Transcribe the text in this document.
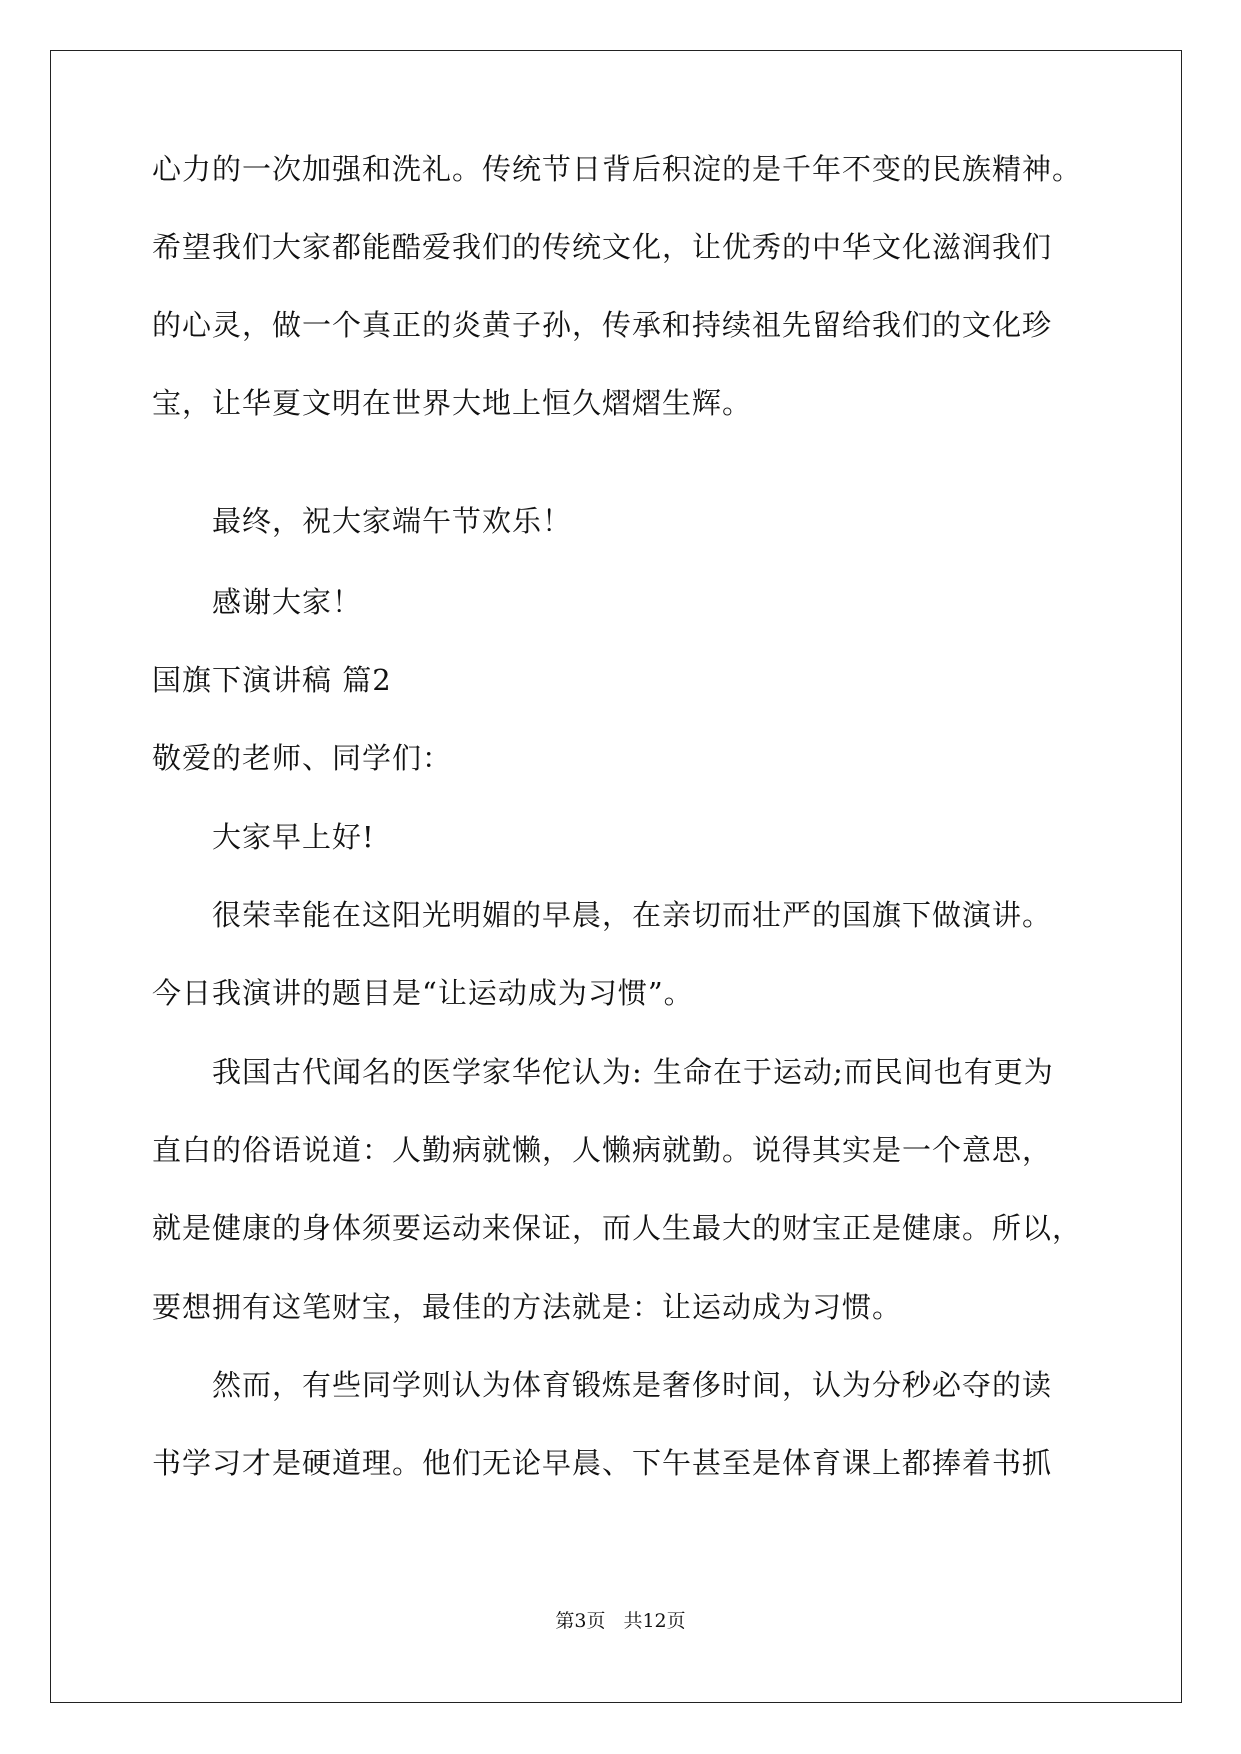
心力的一次加强和洗礼。传统节日背后积淀的是千年不变的民族精神。
希望我们大家都能酷爱我们的传统文化，让优秀的中华文化滋润我们
的心灵，做一个真正的炎黄子孙，传承和持续祖先留给我们的文化珍
宝，让华夏文明在世界大地上恒久熠熠生辉。
最终，祝大家端午节欢乐！
感谢大家！
国旗下演讲稿 篇2
敬爱的老师、同学们：
大家早上好!
很荣幸能在这阳光明媚的早晨，在亲切而壮严的国旗下做演讲。
今日我演讲的题目是“让运动成为习惯”。
我国古代闻名的医学家华佗认为: 生命在于运动;而民间也有更为
直白的俗语说道：人勤病就懒，人懒病就勤。说得其实是一个意思，
就是健康的身体须要运动来保证，而人生最大的财宝正是健康。所以，
要想拥有这笔财宝，最佳的方法就是：让运动成为习惯。
然而，有些同学则认为体育锻炼是奢侈时间，认为分秒必夺的读
书学习才是硬道理。他们无论早晨、下午甚至是体育课上都捧着书抓
第3页 共12页
